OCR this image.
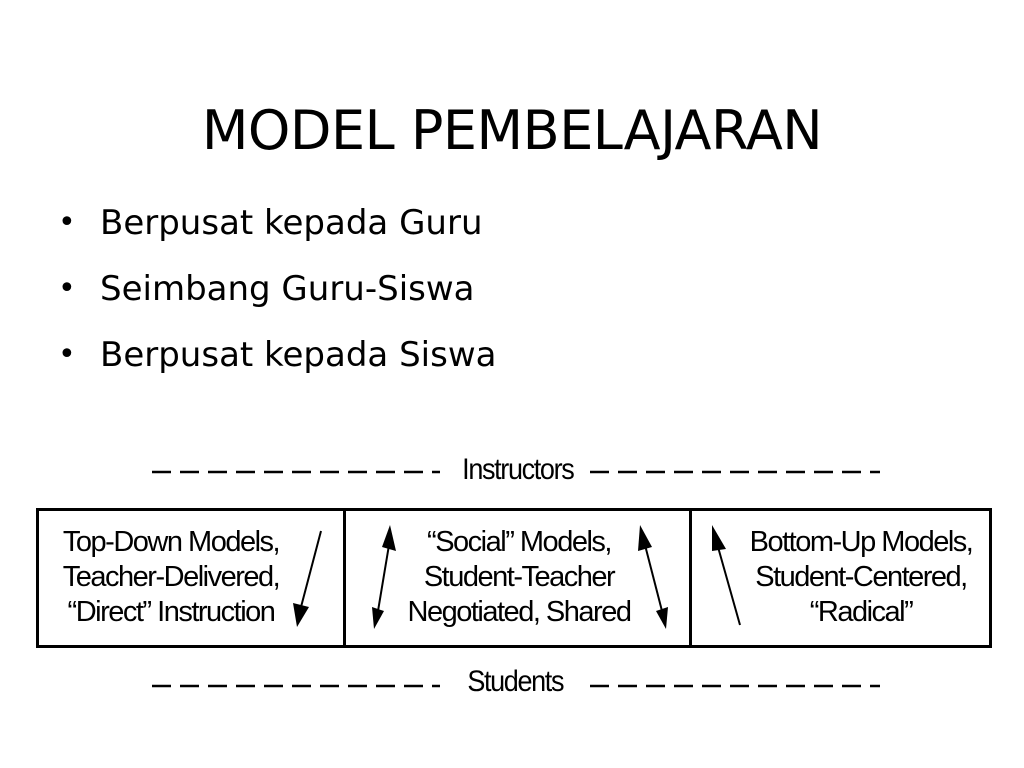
MODEL PEMBELAJARAN
• Berpusat kepada Guru
• Seimbang Guru-Siswa
• Berpusat kepada Siswa
Instructors
Students
Top-Down Models,
Teacher-Delivered,
“Direct” Instruction
“Social” Models,
Student-Teacher
Negotiated, Shared
Bottom-Up Models,
Student-Centered,
“Radical”
